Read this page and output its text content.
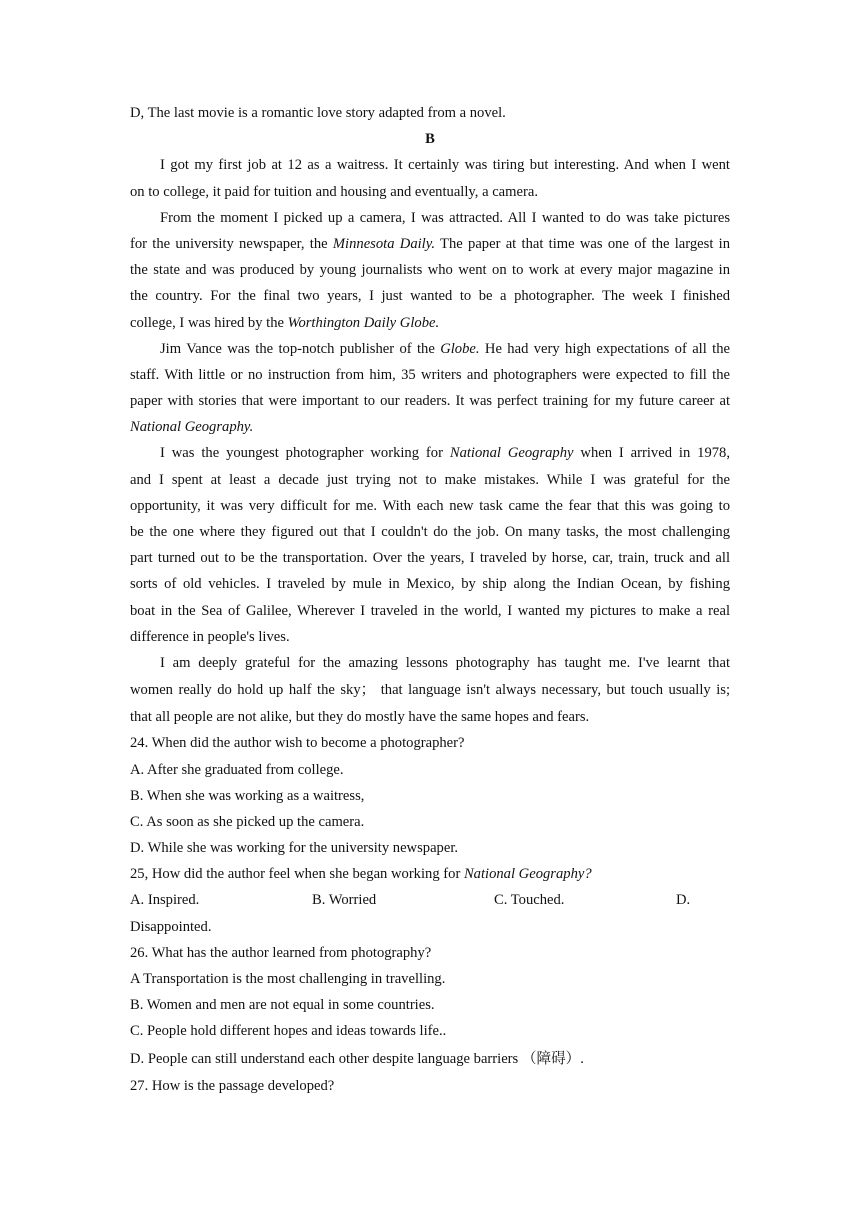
D, The last movie is a romantic love story adapted from a novel.
B
I got my first job at 12 as a waitress. It certainly was tiring but interesting. And when I went
on to college, it paid for tuition and housing and eventually, a camera.
From the moment I picked up a camera, I was attracted. All I wanted to do was take pictures
for the university newspaper, the Minnesota Daily. The paper at that time was one of the largest in
the state and was produced by young journalists who went on to work at every major magazine in
the country. For the final two years, I just wanted to be a photographer. The week I finished
college, I was hired by the Worthington Daily Globe.
Jim Vance was the top-notch publisher of the Globe. He had very high expectations of all the
staff. With little or no instruction from him, 35 writers and photographers were expected to fill the
paper with stories that were important to our readers. It was perfect training for my future career at
National Geography.
I was the youngest photographer working for National Geography when I arrived in 1978,
and I spent at least a decade just trying not to make mistakes. While I was grateful for the
opportunity, it was very difficult for me. With each new task came the fear that this was going to
be the one where they figured out that I couldn't do the job. On many tasks, the most challenging
part turned out to be the transportation. Over the years, I traveled by horse, car, train, truck and all
sorts of old vehicles. I traveled by mule in Mexico, by ship along the Indian Ocean, by fishing
boat in the Sea of Galilee, Wherever I traveled in the world, I wanted my pictures to make a real
difference in people's lives.
I am deeply grateful for the amazing lessons photography has taught me. I've learnt that
women really do hold up half the sky； that language isn't always necessary, but touch usually is;
that all people are not alike, but they do mostly have the same hopes and fears.
24. When did the author wish to become a photographer?
A. After she graduated from college.
B. When she was working as a waitress,
C. As soon as she picked up the camera.
D. While she was working for the university newspaper.
25, How did the author feel when she began working for National Geography?
A. Inspired.	B. Worried	C. Touched.	D.
Disappointed.
26. What has the author learned from photography?
A Transportation is the most challenging in travelling.
B. Women and men are not equal in some countries.
C. People hold different hopes and ideas towards life..
D. People can still understand each other despite language barriers （障碍）.
27. How is the passage developed?
